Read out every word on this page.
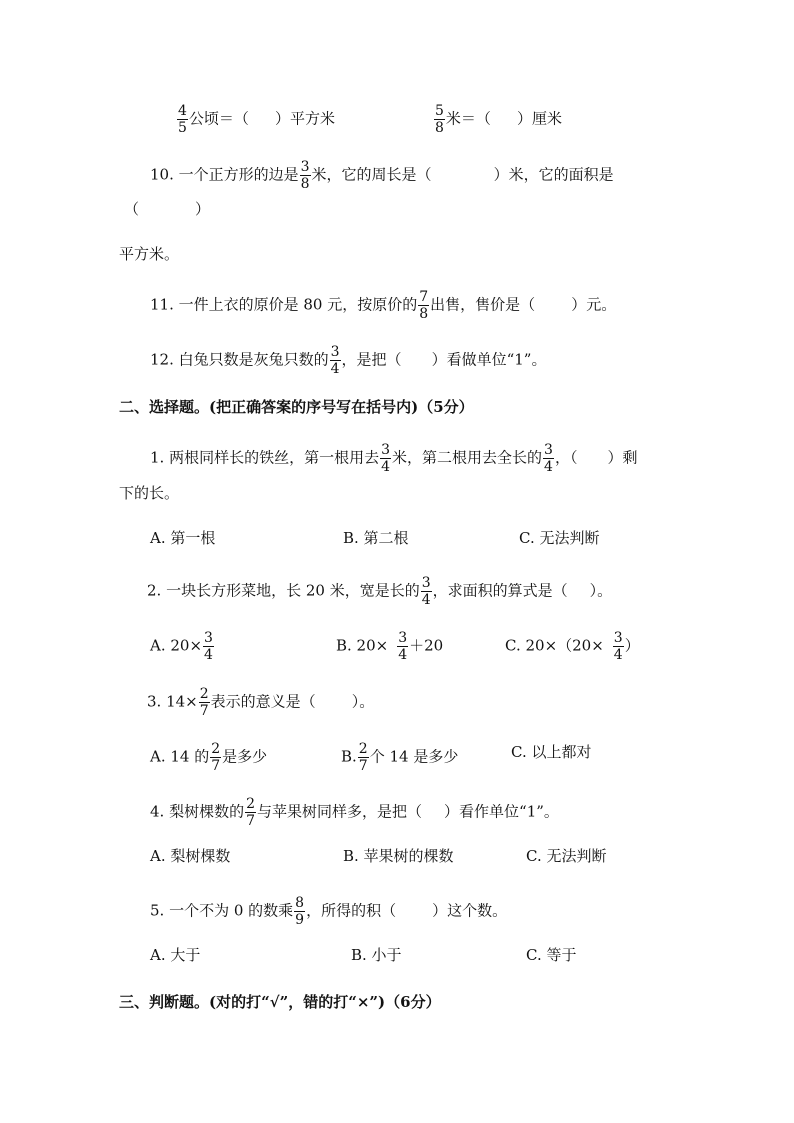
$\frac{4}{5}$ 公顷＝（ ）平方米	$\frac{5}{8}$ 米＝（ ）厘米
10. 一个正方形的边是 $\frac{3}{8}$ 米，它的周长是（	）米，它的面积是
（	）
平方米。
11. 一件上衣的原价是 80 元，按原价的 $\frac{7}{8}$ 出售，售价是（ ）元。
12. 白兔只数是灰兔只数的 $\frac{3}{4}$ ，是把（ ）看做单位“1”。
二、选择题。(把正确答案的序号写在括号内)（5分）
1. 两根同样长的铁丝，第一根用去 $\frac{3}{4}$ 米，第二根用去全长的 $\frac{3}{4}$ ，（ ）剩
下的长。
A. 第一根	B. 第二根	C. 无法判断
2. 一块长方形菜地，长 20 米，宽是长的 $\frac{3}{4}$ ，求面积的算式是（ ）。
A. $20\times \frac{3}{4}$	B. $20\times \frac{3}{4} +20$	C. $20\times(20\times \frac{3}{4}$ ）
3. $14\times \frac{2}{7}$ 表示的意义是（ ）。
A. 14 的 $\frac{2}{7}$ 是多少	B. $\frac{2}{7}$ 个 14 是多少	C. 以上都对
4. 梨树棵数的 $\frac{2}{7}$ 与苹果树同样多，是把（ ）看作单位“1”。
A. 梨树棵数	B. 苹果树的棵数	C. 无法判断
5. 一个不为 0 的数乘 $\frac{8}{9}$ ，所得的积（ ）这个数。
A. 大于	B. 小于	C. 等于
三、判断题。(对的打“√”，错的打“×”)（6分）
